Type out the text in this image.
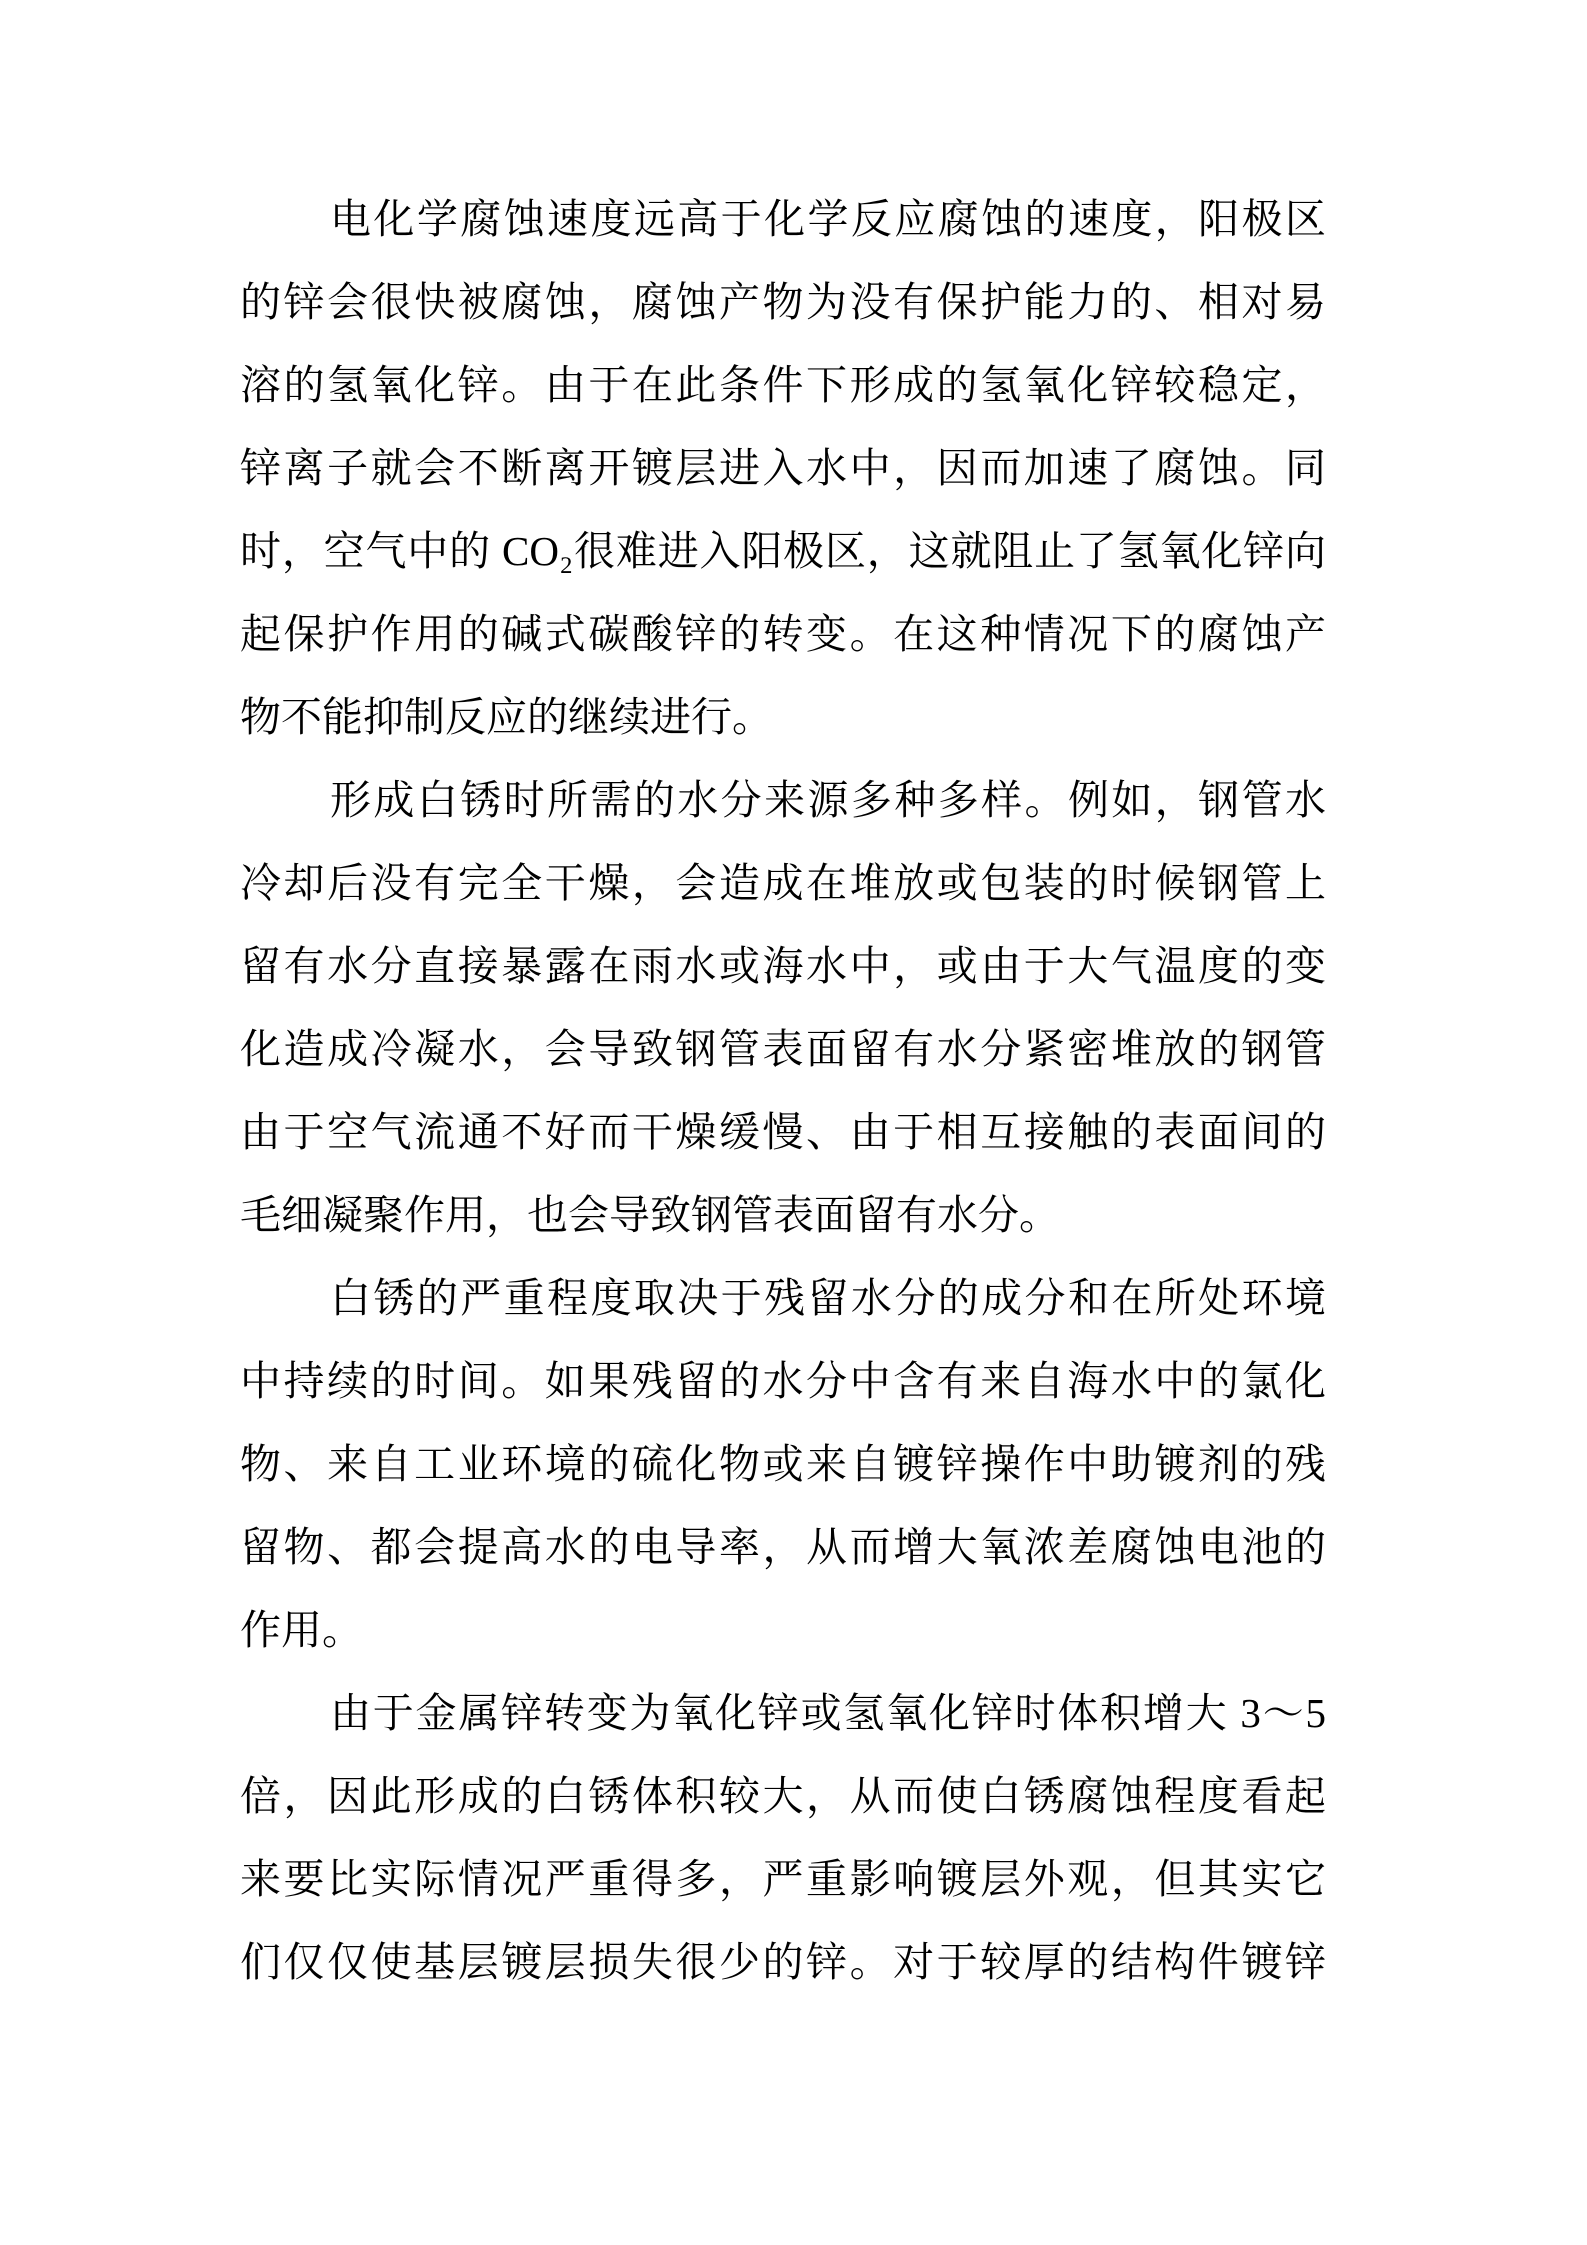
电化学腐蚀速度远高于化学反应腐蚀的速度，阳极区
的锌会很快被腐蚀，腐蚀产物为没有保护能力的、相对易
溶的氢氧化锌。由于在此条件下形成的氢氧化锌较稳定，
锌离子就会不断离开镀层进入水中，因而加速了腐蚀。同
时，空气中的 CO₂很难进入阳极区，这就阻止了氢氧化锌向
起保护作用的碱式碳酸锌的转变。在这种情况下的腐蚀产
物不能抑制反应的继续进行。
形成白锈时所需的水分来源多种多样。例如，钢管水
冷却后没有完全干燥，会造成在堆放或包装的时候钢管上
留有水分直接暴露在雨水或海水中，或由于大气温度的变
化造成冷凝水，会导致钢管表面留有水分紧密堆放的钢管
由于空气流通不好而干燥缓慢、由于相互接触的表面间的
毛细凝聚作用，也会导致钢管表面留有水分。
白锈的严重程度取决于残留水分的成分和在所处环境
中持续的时间。如果残留的水分中含有来自海水中的氯化
物、来自工业环境的硫化物或来自镀锌操作中助镀剂的残
留物、都会提高水的电导率，从而增大氧浓差腐蚀电池的
作用。
由于金属锌转变为氧化锌或氢氧化锌时体积增大 3～5
倍，因此形成的白锈体积较大，从而使白锈腐蚀程度看起
来要比实际情况严重得多，严重影响镀层外观，但其实它
们仅仅使基层镀层损失很少的锌。对于较厚的结构件镀锌
